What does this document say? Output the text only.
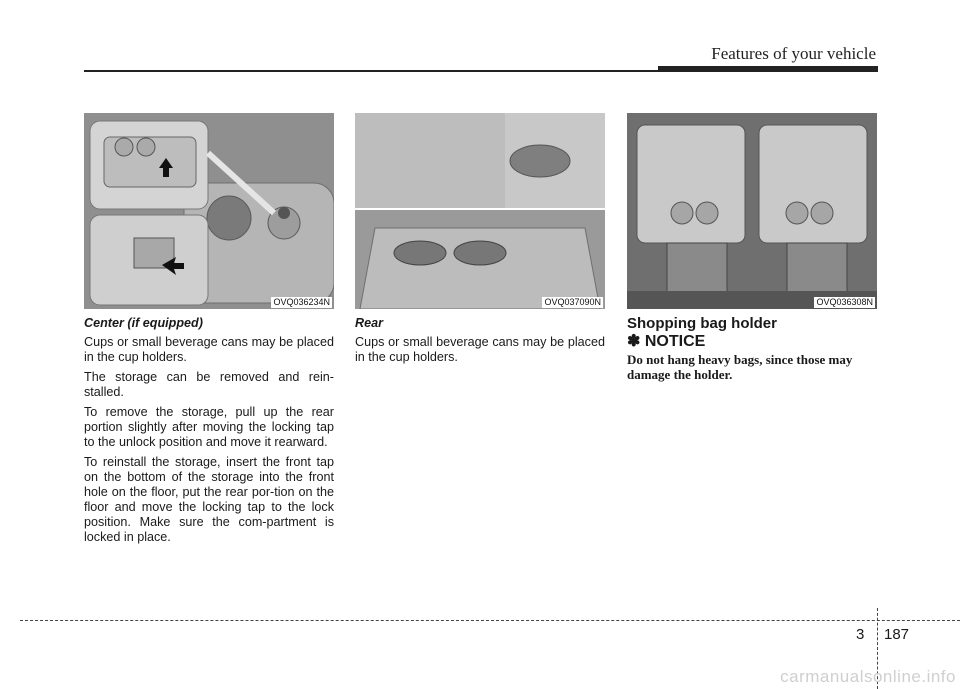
Features of your vehicle
OVQ036234N	OVQ037090N	OVQ036308N
Center (if equipped)

Cups or small beverage cans may be placed in the cup holders.

The storage can be removed and rein-stalled.

To remove the storage, pull up the rear portion slightly after moving the locking tap to the unlock position and move it rearward.

To reinstall the storage, insert the front tap on the bottom of the storage into the front hole on the floor, put the rear por-tion on the floor and move the locking tap to the lock position. Make sure the com-partment is locked in place.

Rear

Cups or small beverage cans may be placed in the cup holders.

Shopping bag holder
✽ NOTICE
Do not hang heavy bags, since those may damage the holder.
3 187
carmanualsonline.info
